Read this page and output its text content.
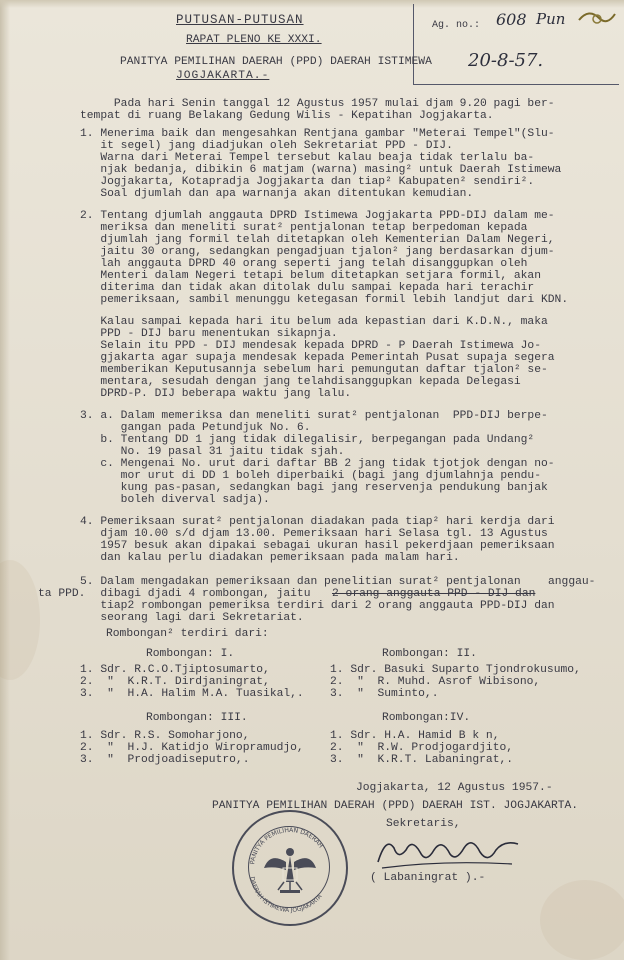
Ag. no.: 608 Pun
20-8-57.
PUTUSAN-PUTUSAN
RAPAT PLENO KE XXXI.
PANITYA PEMILIHAN DAERAH (PPD) DAERAH ISTIMEWA
JOGJAKARTA.-
Pada hari Senin tanggal 12 Agustus 1957 mulai djam 9.20 pagi ber-
tempat di ruang Belakang Gedung Wilis - Kepatihan Jogjakarta.
1. Menerima baik dan mengesahkan Rentjana gambar "Meterai Tempel"(Slu-
it segel) jang diadjukan oleh Sekretariat PPD - DIJ.
Warna dari Meterai Tempel tersebut kalau beaja tidak terlalu ba-
njak bedanja, dibikin 6 matjam (warna) masing² untuk Daerah Istimewa
Jogjakarta, Kotapradja Jogjakarta dan tiap² Kabupaten² sendiri².
Soal djumlah dan apa warnanja akan ditentukan kemudian.
2. Tentang djumlah anggauta DPRD Istimewa Jogjakarta PPD-DIJ dalam me-
meriksa dan meneliti surat² pentjalonan tetap berpedoman kepada
djumlah jang formil telah ditetapkan oleh Kementerian Dalam Negeri,
jaitu 30 orang, sedangkan pengadjuan tjalon² jang berdasarkan djum-
lah anggauta DPRD 40 orang seperti jang telah disanggupkan oleh
Menteri dalam Negeri tetapi belum ditetapkan setjara formil, akan
diterima dan tidak akan ditolak dulu sampai kepada hari terachir
pemeriksaan, sambil menunggu ketegasan formil lebih landjut dari KDN.
Kalau sampai kepada hari itu belum ada kepastian dari K.D.N., maka
PPD - DIJ baru menentukan sikapnja.
Selain itu PPD - DIJ mendesak kepada DPRD - P Daerah Istimewa Jo-
gjakarta agar supaja mendesak kepada Pemerintah Pusat supaja segera
memberikan Keputusannja sebelum hari pemungutan daftar tjalon² se-
mentara, sesudah dengan jang telahdisanggupkan kepada Delegasi
DPRD-P. DIJ beberapa waktu jang lalu.
3. a. Dalam memeriksa dan meneliti surat² pentjalonan  PPD-DIJ berpe-
gangan pada Petundjuk No. 6.
b. Tentang DD 1 jang tidak dilegalisir, berpegangan pada Undang²
No. 19 pasal 31 jaitu tidak sjah.
c. Mengenai No. urut dari daftar BB 2 jang tidak tjotjok dengan no-
mor urut di DD 1 boleh diperbaiki (bagi jang djumlahnja pendu-
kung pas-pasan, sedangkan bagi jang reservenja pendukung banjak
boleh diverval sadja).
4. Pemeriksaan surat² pentjalonan diadakan pada tiap² hari kerdja dari
djam 10.00 s/d djam 13.00. Pemeriksaan hari Selasa tgl. 13 Agustus
1957 besuk akan dipakai sebagai ukuran hasil pekerdjaan pemeriksaan
dan kalau perlu diadakan pemeriksaan pada malam hari.
5. Dalam mengadakan pemeriksaan dan penelitian surat² pentjalonan anggau-
ta PPD.
dibagi djadi 4 rombongan, jaitu 2 orang anggauta PPD - DIJ dan
tiap2 rombongan pemeriksa terdiri dari 2 orang anggauta PPD-DIJ dan
seorang lagi dari Sekretariat.
Rombongan² terdiri dari:
Rombongan: I.
1. Sdr. R.C.O.Tjiptosumarto,
2.  "  K.R.T. Dirdjaningrat,
3.  "  H.A. Halim M.A. Tuasikal,.
Rombongan: II.
1. Sdr. Basuki Suparto Tjondrokusumo,
2.  "  R. Muhd. Asrof Wibisono,
3.  "  Suminto,.
Rombongan: III.
1. Sdr. R.S. Somoharjono,
2.  "  H.J. Katidjo Wiropramudjo,
3.  "  Prodjoadiseputro,.
Rombongan:IV.
1. Sdr. H.A. Hamid B k n,
2.  "  R.W. Prodjogardjito,
3.  "  K.R.T. Labaningrat,.
Jogjakarta, 12 Agustus 1957.-
PANITYA PEMILIHAN DAERAH (PPD) DAERAH IST. JOGJAKARTA.
Sekretaris,
( Labaningrat ).-
PANITYA PEMILIHAN DAERAH
DAERAH ISTIMEWA JOGJAKARTA
